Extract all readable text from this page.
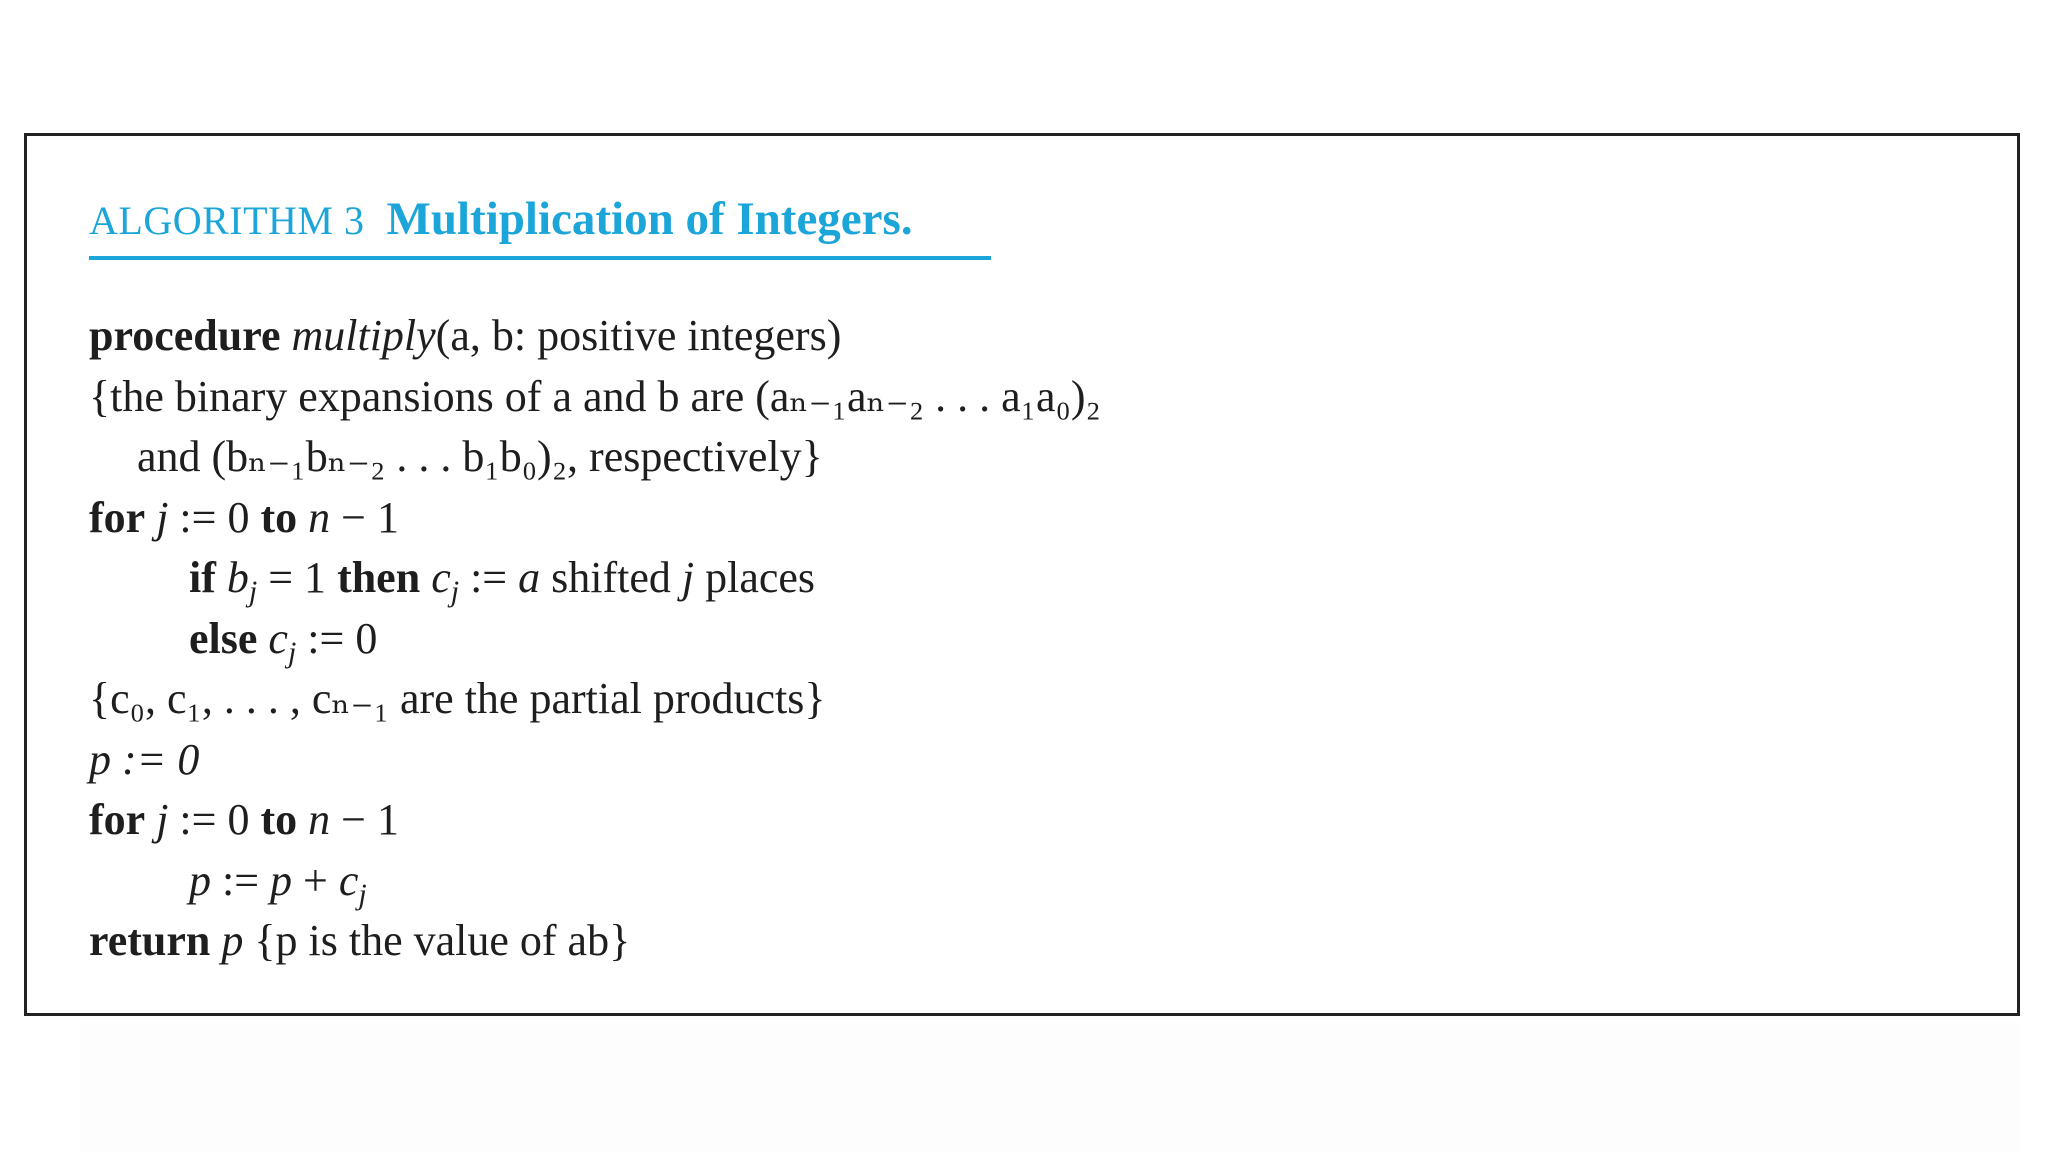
ALGORITHM 3 Multiplication of Integers.
procedure multiply(a, b: positive integers)
{the binary expansions of a and b are (aₙ₋₁aₙ₋₂ . . . a₁a₀)₂
and (bₙ₋₁bₙ₋₂ . . . b₁b₀)₂, respectively}
for j := 0 to n − 1
if $b_j = 1$ then $c_j$ := a shifted j places
else $c_j$ := 0
{c₀, c₁, . . . , cₙ₋₁ are the partial products}
p := 0
for j := 0 to n − 1
p := $p + c_j$
return p {p is the value of ab}
